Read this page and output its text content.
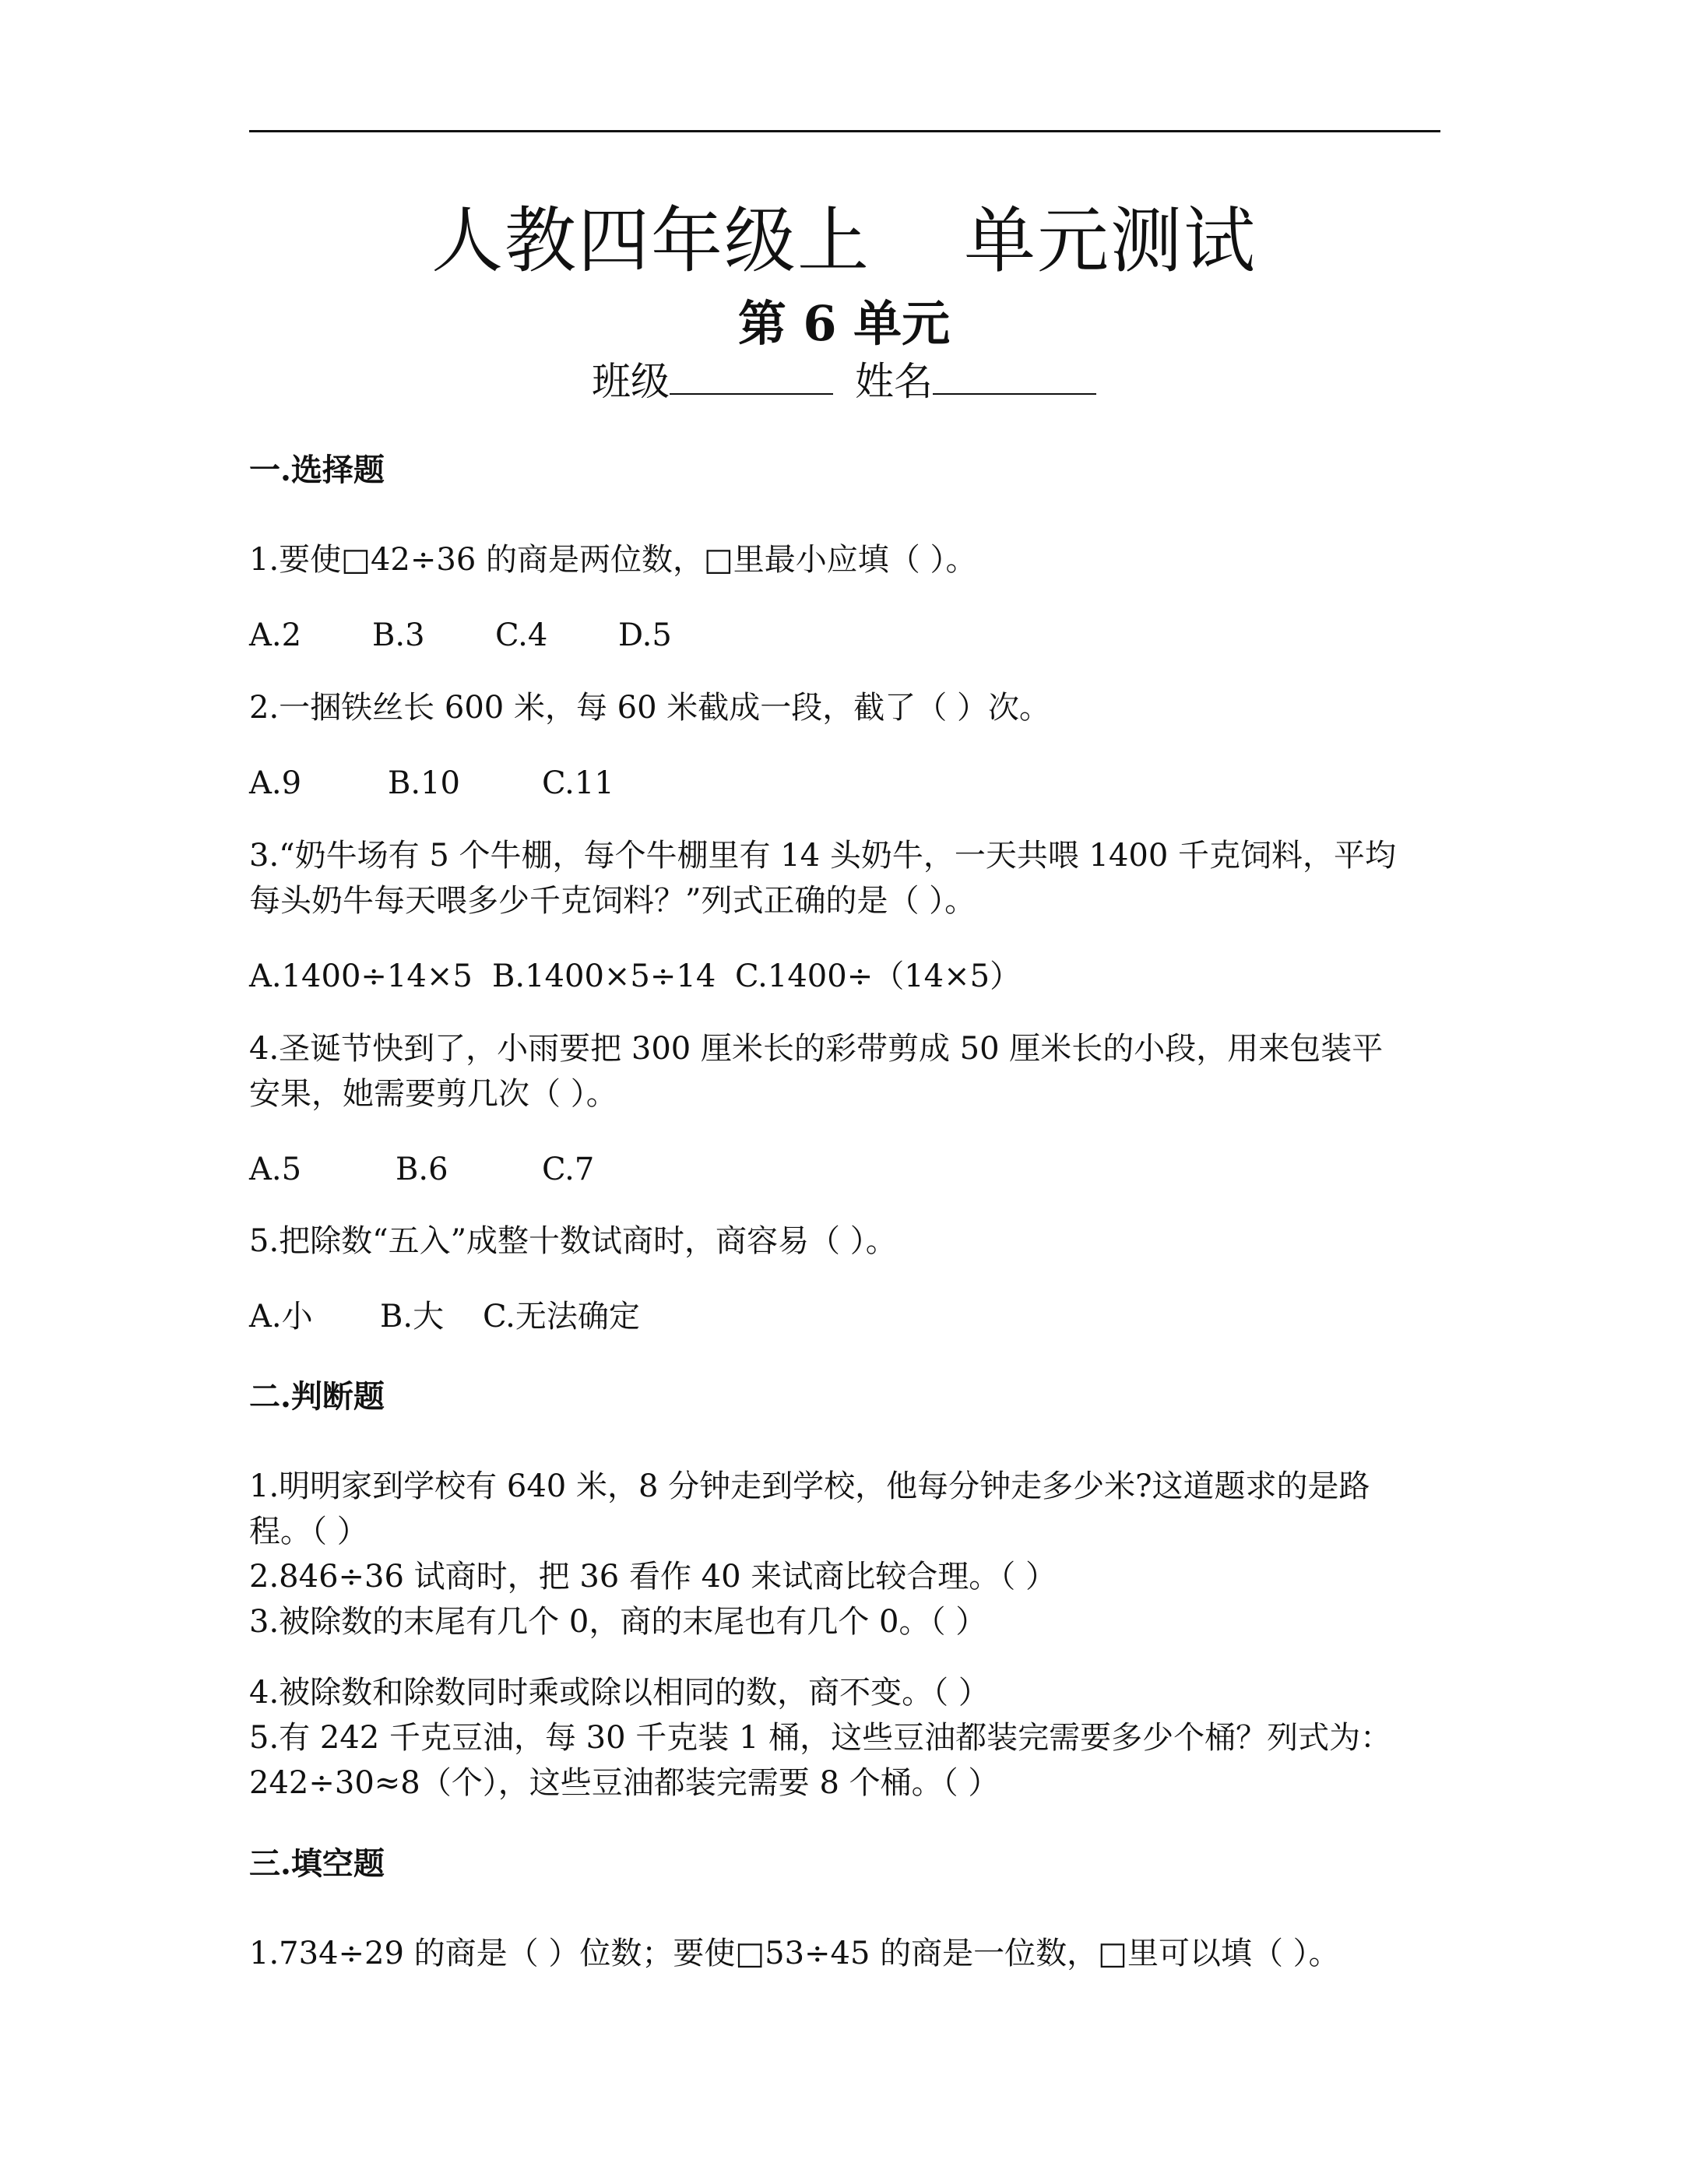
人教四年级上 单元测试
第 6 单元
班级	姓名
一.选择题
1.要使□42÷36 的商是两位数，□里最小应填（ ）。
A.2 B.3 C.4 D.5
2.一捆铁丝长 600 米，每 60 米截成一段，截了（ ）次。
A.9	B.10	C.11
3.“奶牛场有 5 个牛棚，每个牛棚里有 14 头奶牛，一天共喂 1400 千克饲料，平均
每头奶牛每天喂多少千克饲料？”列式正确的是（ ）。
A.1400÷14×5 B.1400×5÷14 C.1400÷（14×5）
4.圣诞节快到了，小雨要把 300 厘米长的彩带剪成 50 厘米长的小段，用来包装平
安果，她需要剪几次（ ）。
A.5	B.6	C.7
5.把除数“五入”成整十数试商时，商容易（ ）。
A.小 B.大 C.无法确定
二.判断题
1.明明家到学校有 640 米，8 分钟走到学校，他每分钟走多少米?这道题求的是路
程。（ ）
2.846÷36 试商时，把 36 看作 40 来试商比较合理。（ ）
3.被除数的末尾有几个 0，商的末尾也有几个 0。（ ）
4.被除数和除数同时乘或除以相同的数，商不变。（ ）
5.有 242 千克豆油，每 30 千克装 1 桶，这些豆油都装完需要多少个桶？列式为：
242÷30≈8（个），这些豆油都装完需要 8 个桶。（ ）
三.填空题
1.734÷29 的商是（ ）位数；要使□53÷45 的商是一位数，□里可以填（ ）。
